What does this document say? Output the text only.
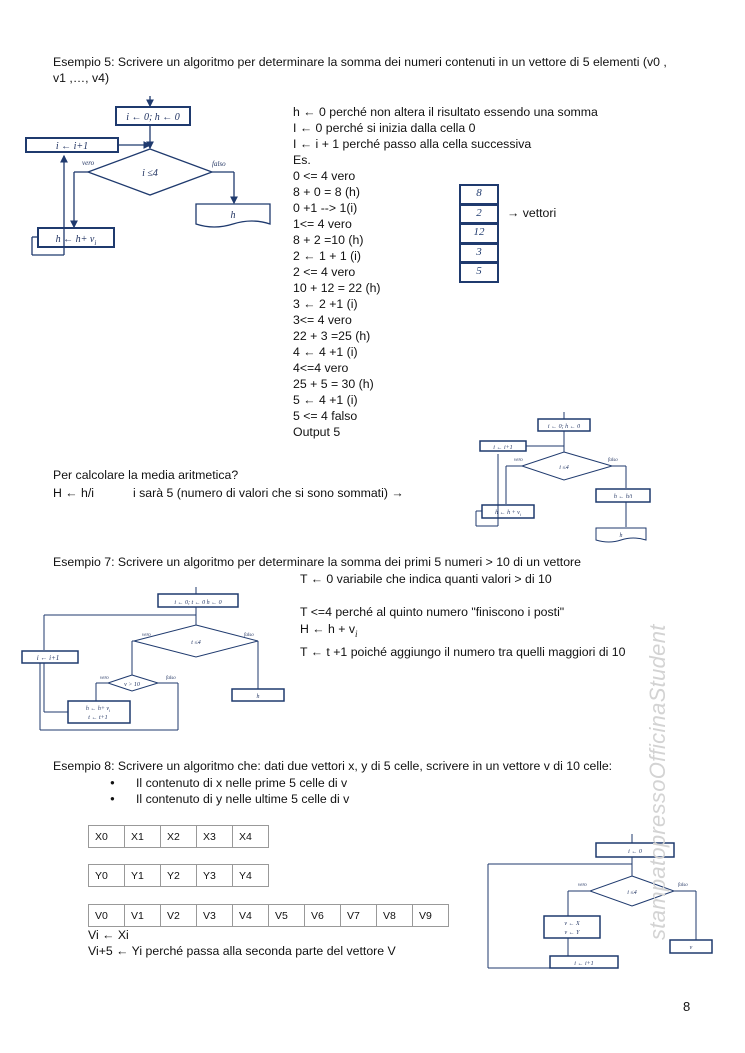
Esempio 5: Scrivere un algoritmo per determinare la somma dei numeri contenuti in un vettore di 5 elementi (v0 ,
v1 ,…, v4)
i ← 0; h ← 0
i ← i+1
i ≤4
vero	falso
h
h ← $h+ v_i$
h ← 0 perché non altera il risultato essendo una somma
I ← 0 perché si inizia dalla cella 0
I ← i + 1 perché passo alla cella successiva
Es.
0 <= 4 vero
8 + 0 = 8 (h)
0 +1 --> 1(i)
1<= 4 vero
8 + 2 =10 (h)
2 ← 1 + 1 (i)
2 <= 4 vero
10 + 12 = 22 (h)
3 ← 2 +1 (i)
3<= 4 vero
22 + 3 =25 (h)
4 ← 4 +1 (i)
4<=4 vero
25 + 5 = 30 (h)
5 ← 4 +1 (i)
5 <= 4 falso
Output 5
8
2
12
3
5
→ vettori
Per calcolare la media aritmetica?
H ← h/i	i sarà 5 (numero di valori che si sono sommati) →
i ← 0; h ← 0
i ← i+1
i ≤4
vero	falso
h ← h/i
h
h ← $h + v_i$
Esempio 7: Scrivere un algoritmo per determinare la somma dei primi 5 numeri > 10 di un vettore
T ← 0 variabile che indica quanti valori > di 10
T <=4 perché al quinto numero "finiscono i posti"
H ← $h + v_i$
T ← t +1 poiché aggiungo il numero tra quelli maggiori di 10
i ← 0; t ← 0 h ← 0
i ← i+1
t ≤4
vero	falso
v > 10
vero	falso
h ← $h+ v_i$
t ← t+1
h
Esempio 8: Scrivere un algoritmo che: dati due vettori x, y di 5 celle, scrivere in un vettore v di 10 celle:
● Il contenuto di x nelle prime 5 celle di v
● Il contenuto di y nelle ultime 5 celle di v
X0	X1	X2	X3	X4
Y0	Y1	Y2	Y3	Y4
V0	V1	V2	V3	V4	V5	V6	V7	V8	V9
Vi ← Xi
Vi+5 ← Yi perché passa alla seconda parte del vettore V
i ← 0
i ≤4
vero	falso
v ← X
v ← Y
i ← i+1
v
stampatopressoOfficinaStudent
8
